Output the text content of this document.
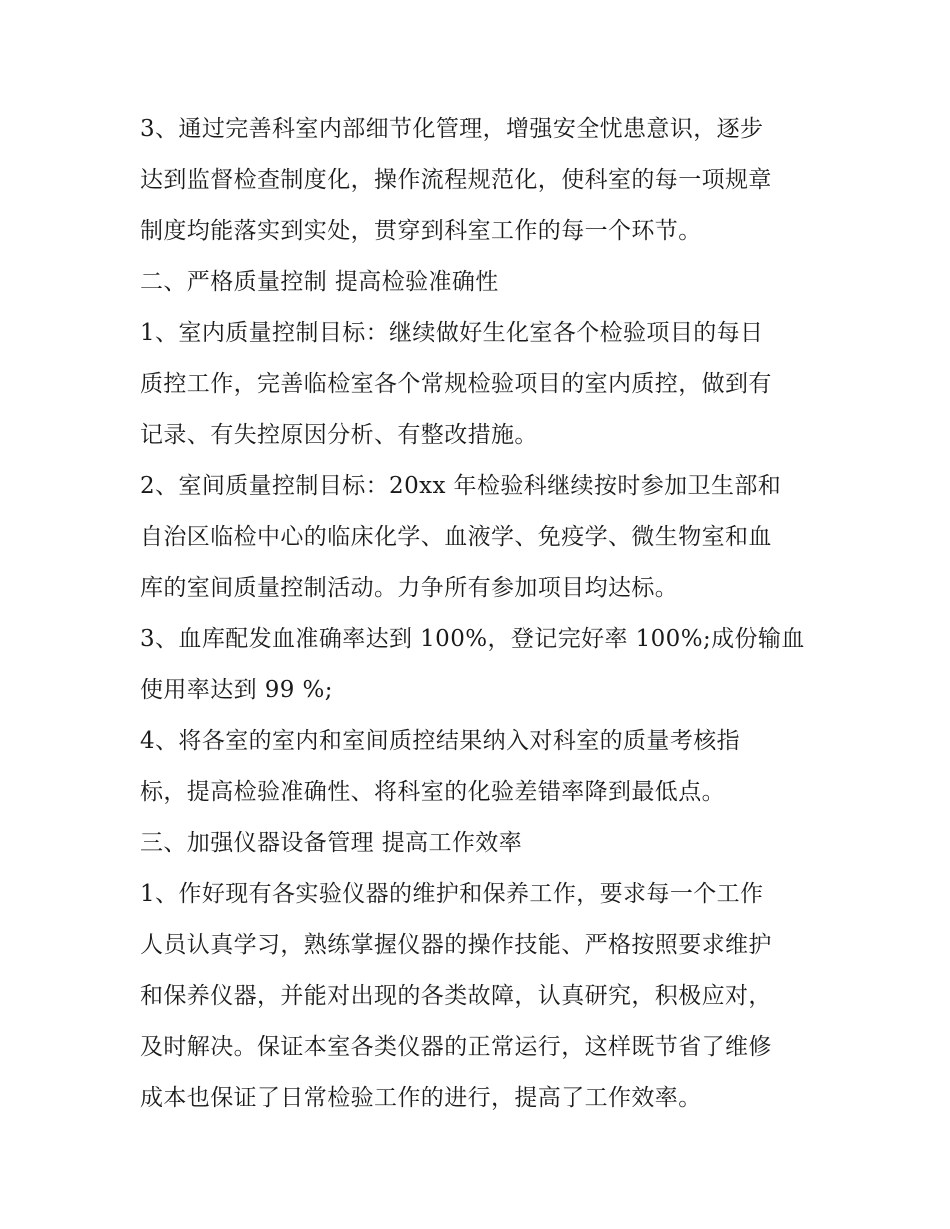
3、通过完善科室内部细节化管理，增强安全忧患意识，逐步
达到监督检查制度化，操作流程规范化，使科室的每一项规章
制度均能落实到实处，贯穿到科室工作的每一个环节。
二、严格质量控制 提高检验准确性
1、室内质量控制目标：继续做好生化室各个检验项目的每日
质控工作，完善临检室各个常规检验项目的室内质控，做到有
记录、有失控原因分析、有整改措施。
2、室间质量控制目标：20xx 年检验科继续按时参加卫生部和
自治区临检中心的临床化学、血液学、免疫学、微生物室和血
库的室间质量控制活动。力争所有参加项目均达标。
3、血库配发血准确率达到 100%，登记完好率 100%;成份输血
使用率达到 99 %;
4、将各室的室内和室间质控结果纳入对科室的质量考核指
标，提高检验准确性、将科室的化验差错率降到最低点。
三、加强仪器设备管理 提高工作效率
1、作好现有各实验仪器的维护和保养工作，要求每一个工作
人员认真学习，熟练掌握仪器的操作技能、严格按照要求维护
和保养仪器，并能对出现的各类故障，认真研究，积极应对，
及时解决。保证本室各类仪器的正常运行，这样既节省了维修
成本也保证了日常检验工作的进行，提高了工作效率。
